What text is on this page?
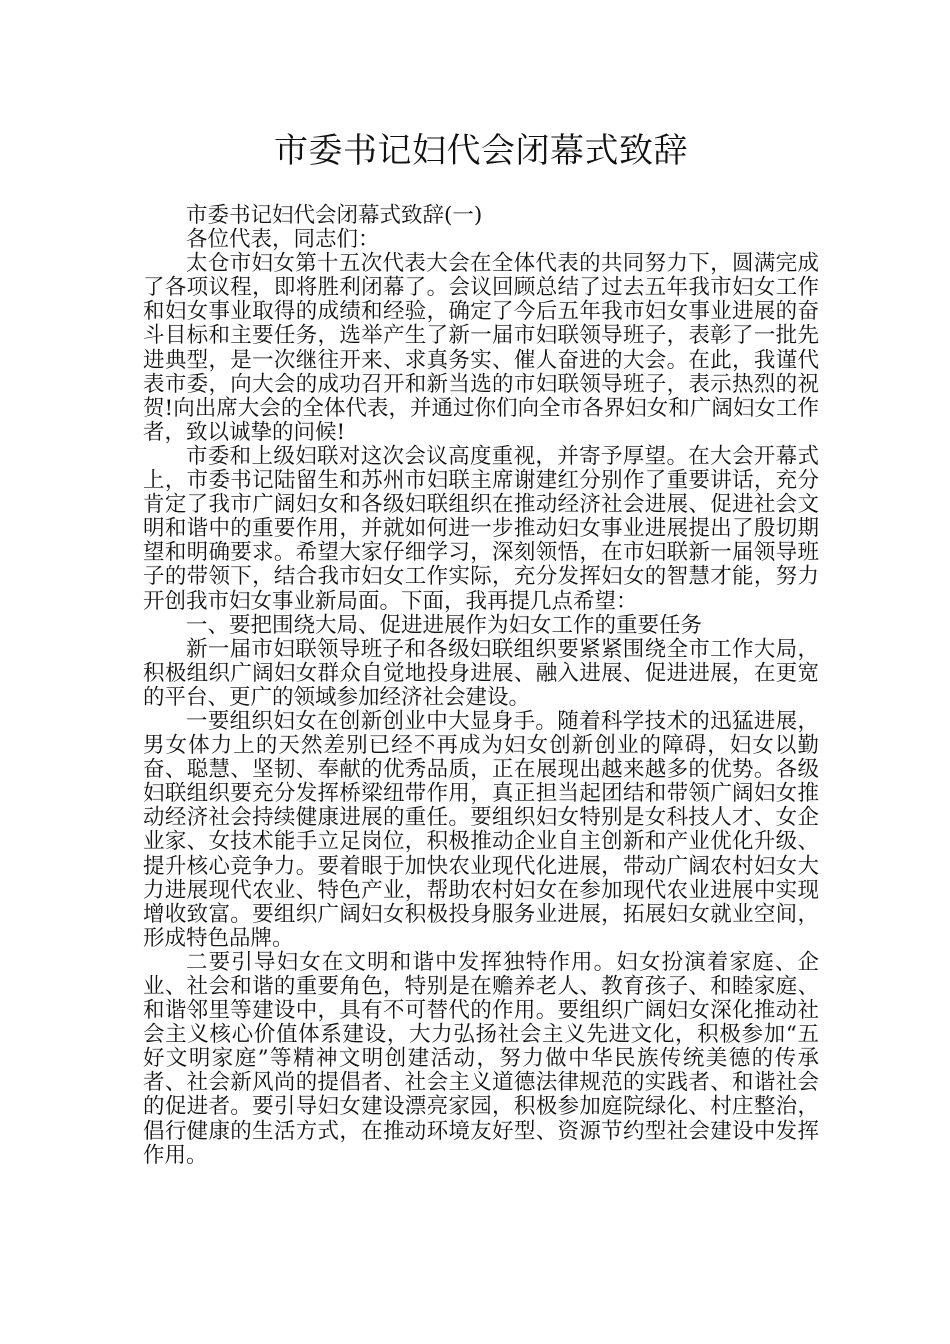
市委书记妇代会闭幕式致辞

市委书记妇代会闭幕式致辞(一)

各位代表，同志们：

太仓市妇女第十五次代表大会在全体代表的共同努力下，圆满完成了各项议程，即将胜利闭幕了。会议回顾总结了过去五年我市妇女工作和妇女事业取得的成绩和经验，确定了今后五年我市妇女事业进展的奋斗目标和主要任务，选举产生了新一届市妇联领导班子，表彰了一批先进典型，是一次继往开来、求真务实、催人奋进的大会。在此，我谨代表市委，向大会的成功召开和新当选的市妇联领导班子，表示热烈的祝贺!向出席大会的全体代表，并通过你们向全市各界妇女和广阔妇女工作者，致以诚挚的问候!

市委和上级妇联对这次会议高度重视，并寄予厚望。在大会开幕式上，市委书记陆留生和苏州市妇联主席谢建红分别作了重要讲话，充分肯定了我市广阔妇女和各级妇联组织在推动经济社会进展、促进社会文明和谐中的重要作用，并就如何进一步推动妇女事业进展提出了殷切期望和明确要求。希望大家仔细学习，深刻领悟，在市妇联新一届领导班子的带领下，结合我市妇女工作实际，充分发挥妇女的智慧才能，努力开创我市妇女事业新局面。下面，我再提几点希望：

一、要把围绕大局、促进进展作为妇女工作的重要任务

新一届市妇联领导班子和各级妇联组织要紧紧围绕全市工作大局，积极组织广阔妇女群众自觉地投身进展、融入进展、促进进展，在更宽的平台、更广的领域参加经济社会建设。

一要组织妇女在创新创业中大显身手。随着科学技术的迅猛进展，男女体力上的天然差别已经不再成为妇女创新创业的障碍，妇女以勤奋、聪慧、坚韧、奉献的优秀品质，正在展现出越来越多的优势。各级妇联组织要充分发挥桥梁纽带作用，真正担当起团结和带领广阔妇女推动经济社会持续健康进展的重任。要组织妇女特别是女科技人才、女企业家、女技术能手立足岗位，积极推动企业自主创新和产业优化升级、提升核心竞争力。要着眼于加快农业现代化进展，带动广阔农村妇女大力进展现代农业、特色产业，帮助农村妇女在参加现代农业进展中实现增收致富。要组织广阔妇女积极投身服务业进展，拓展妇女就业空间，形成特色品牌。

二要引导妇女在文明和谐中发挥独特作用。妇女扮演着家庭、企业、社会和谐的重要角色，特别是在赡养老人、教育孩子、和睦家庭、和谐邻里等建设中，具有不可替代的作用。要组织广阔妇女深化推动社会主义核心价值体系建设，大力弘扬社会主义先进文化，积极参加“五好文明家庭”等精神文明创建活动，努力做中华民族传统美德的传承者、社会新风尚的提倡者、社会主义道德法律规范的实践者、和谐社会的促进者。要引导妇女建设漂亮家园，积极参加庭院绿化、村庄整治，倡行健康的生活方式，在推动环境友好型、资源节约型社会建设中发挥作用。
